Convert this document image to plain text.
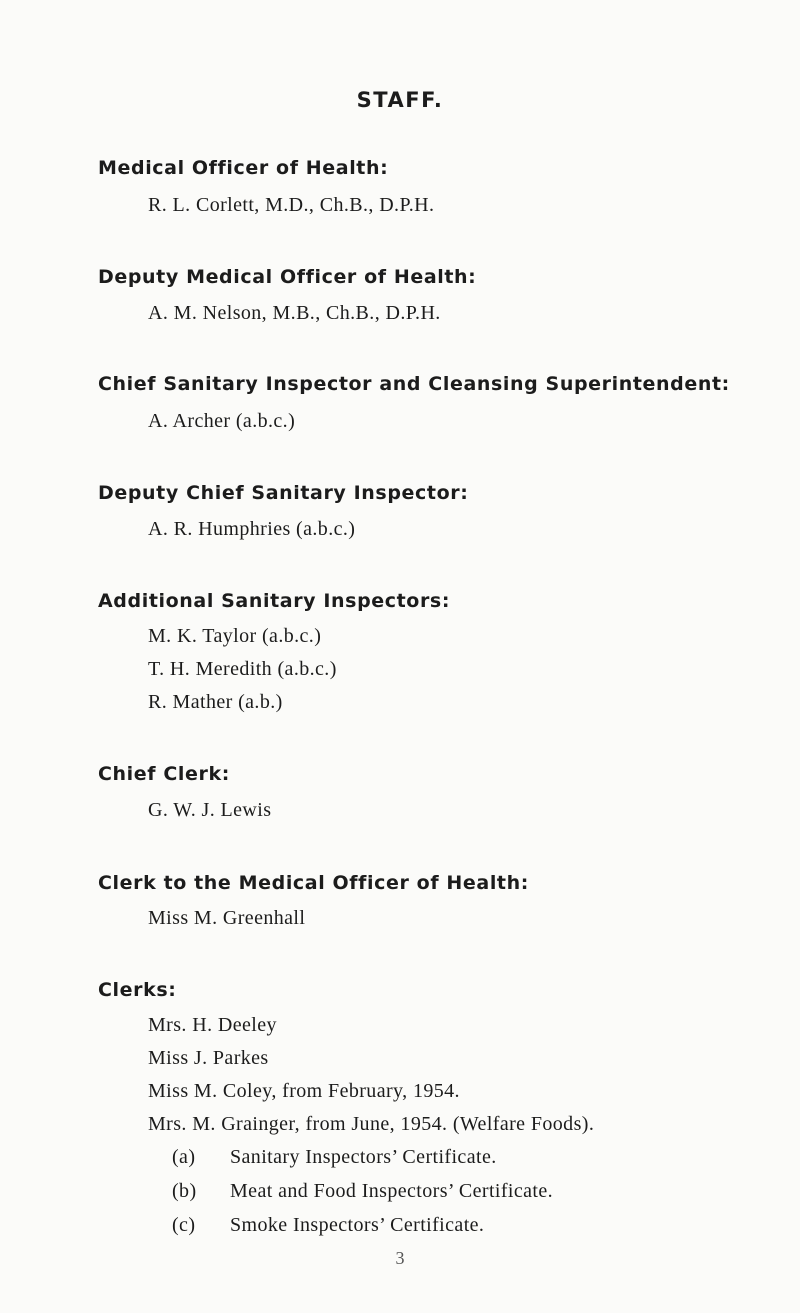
STAFF.
Medical Officer of Health:
R. L. Corlett, M.D., Ch.B., D.P.H.
Deputy Medical Officer of Health:
A. M. Nelson, M.B., Ch.B., D.P.H.
Chief Sanitary Inspector and Cleansing Superintendent:
A. Archer (a.b.c.)
Deputy Chief Sanitary Inspector:
A. R. Humphries (a.b.c.)
Additional Sanitary Inspectors:
M. K. Taylor (a.b.c.)
T. H. Meredith (a.b.c.)
R. Mather (a.b.)
Chief Clerk:
G. W. J. Lewis
Clerk to the Medical Officer of Health:
Miss M. Greenhall
Clerks:
Mrs. H. Deeley
Miss J. Parkes
Miss M. Coley, from February, 1954.
Mrs. M. Grainger, from June, 1954. (Welfare Foods).
(a) Sanitary Inspectors’ Certificate.
(b) Meat and Food Inspectors’ Certificate.
(c) Smoke Inspectors’ Certificate.
3
